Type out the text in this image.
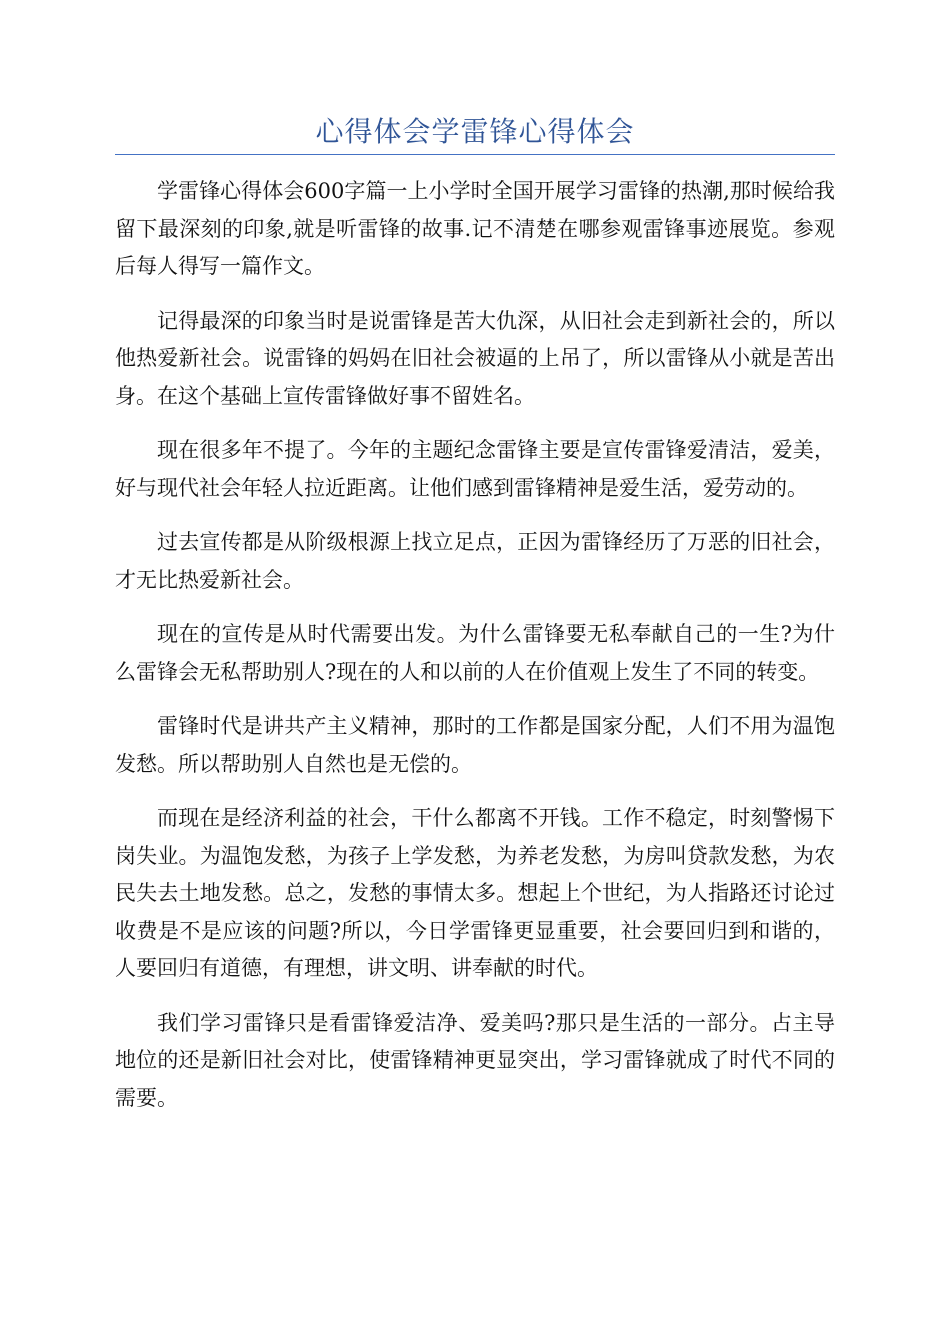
心得体会学雷锋心得体会

学雷锋心得体会600字篇一上小学时全国开展学习雷锋的热潮,那时候给我留下最深刻的印象,就是听雷锋的故事.记不清楚在哪参观雷锋事迹展览。参观后每人得写一篇作文。

记得最深的印象当时是说雷锋是苦大仇深，从旧社会走到新社会的，所以他热爱新社会。说雷锋的妈妈在旧社会被逼的上吊了，所以雷锋从小就是苦出身。在这个基础上宣传雷锋做好事不留姓名。

现在很多年不提了。今年的主题纪念雷锋主要是宣传雷锋爱清洁，爱美，好与现代社会年轻人拉近距离。让他们感到雷锋精神是爱生活，爱劳动的。

过去宣传都是从阶级根源上找立足点，正因为雷锋经历了万恶的旧社会，才无比热爱新社会。

现在的宣传是从时代需要出发。为什么雷锋要无私奉献自己的一生?为什么雷锋会无私帮助别人?现在的人和以前的人在价值观上发生了不同的转变。

雷锋时代是讲共产主义精神，那时的工作都是国家分配，人们不用为温饱发愁。所以帮助别人自然也是无偿的。

而现在是经济利益的社会，干什么都离不开钱。工作不稳定，时刻警惕下岗失业。为温饱发愁，为孩子上学发愁，为养老发愁，为房叫贷款发愁，为农民失去土地发愁。总之，发愁的事情太多。想起上个世纪，为人指路还讨论过收费是不是应该的问题?所以，今日学雷锋更显重要，社会要回归到和谐的，人要回归有道德，有理想，讲文明、讲奉献的时代。

我们学习雷锋只是看雷锋爱洁净、爱美吗?那只是生活的一部分。占主导地位的还是新旧社会对比，使雷锋精神更显突出，学习雷锋就成了时代不同的需要。
